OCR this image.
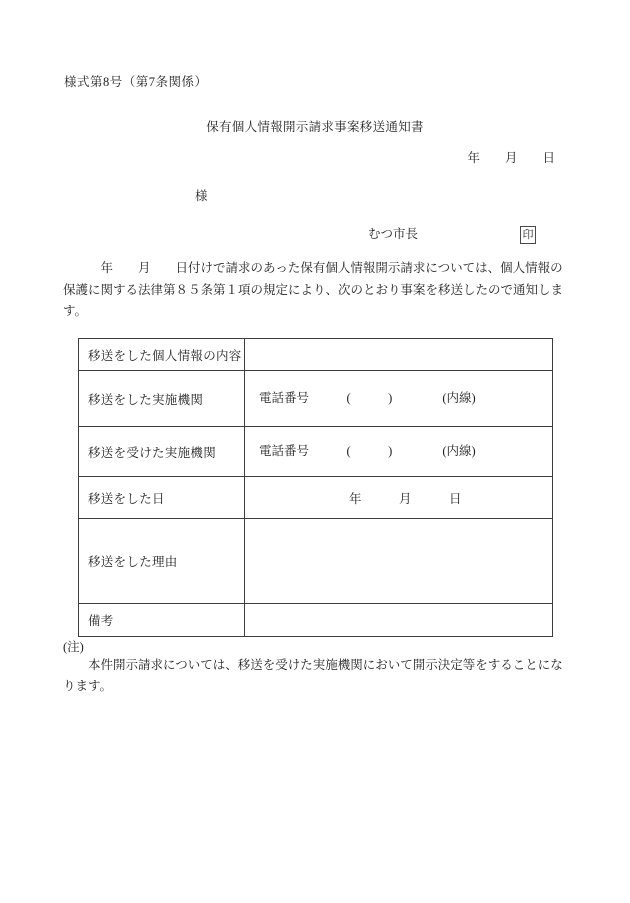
様式第8号（第7条関係）
保有個人情報開示請求事案移送通知書
年　　月　　日
様
むつ市長	印
　　　年　　月　　日付けで請求のあった保有個人情報開示請求については、個人情報の保護に関する法律第８５条第１項の規定により、次のとおり事案を移送したので通知します。
移送をした個人情報の内容	
移送をした実施機関	電話番号　　　(　　　)　　　　(内線)
移送を受けた実施機関	電話番号　　　(　　　)　　　　(内線)
移送をした日	年　　　月　　　日
移送をした理由	
備考	
(注)
　　本件開示請求については、移送を受けた実施機関において開示決定等をすることになります。
